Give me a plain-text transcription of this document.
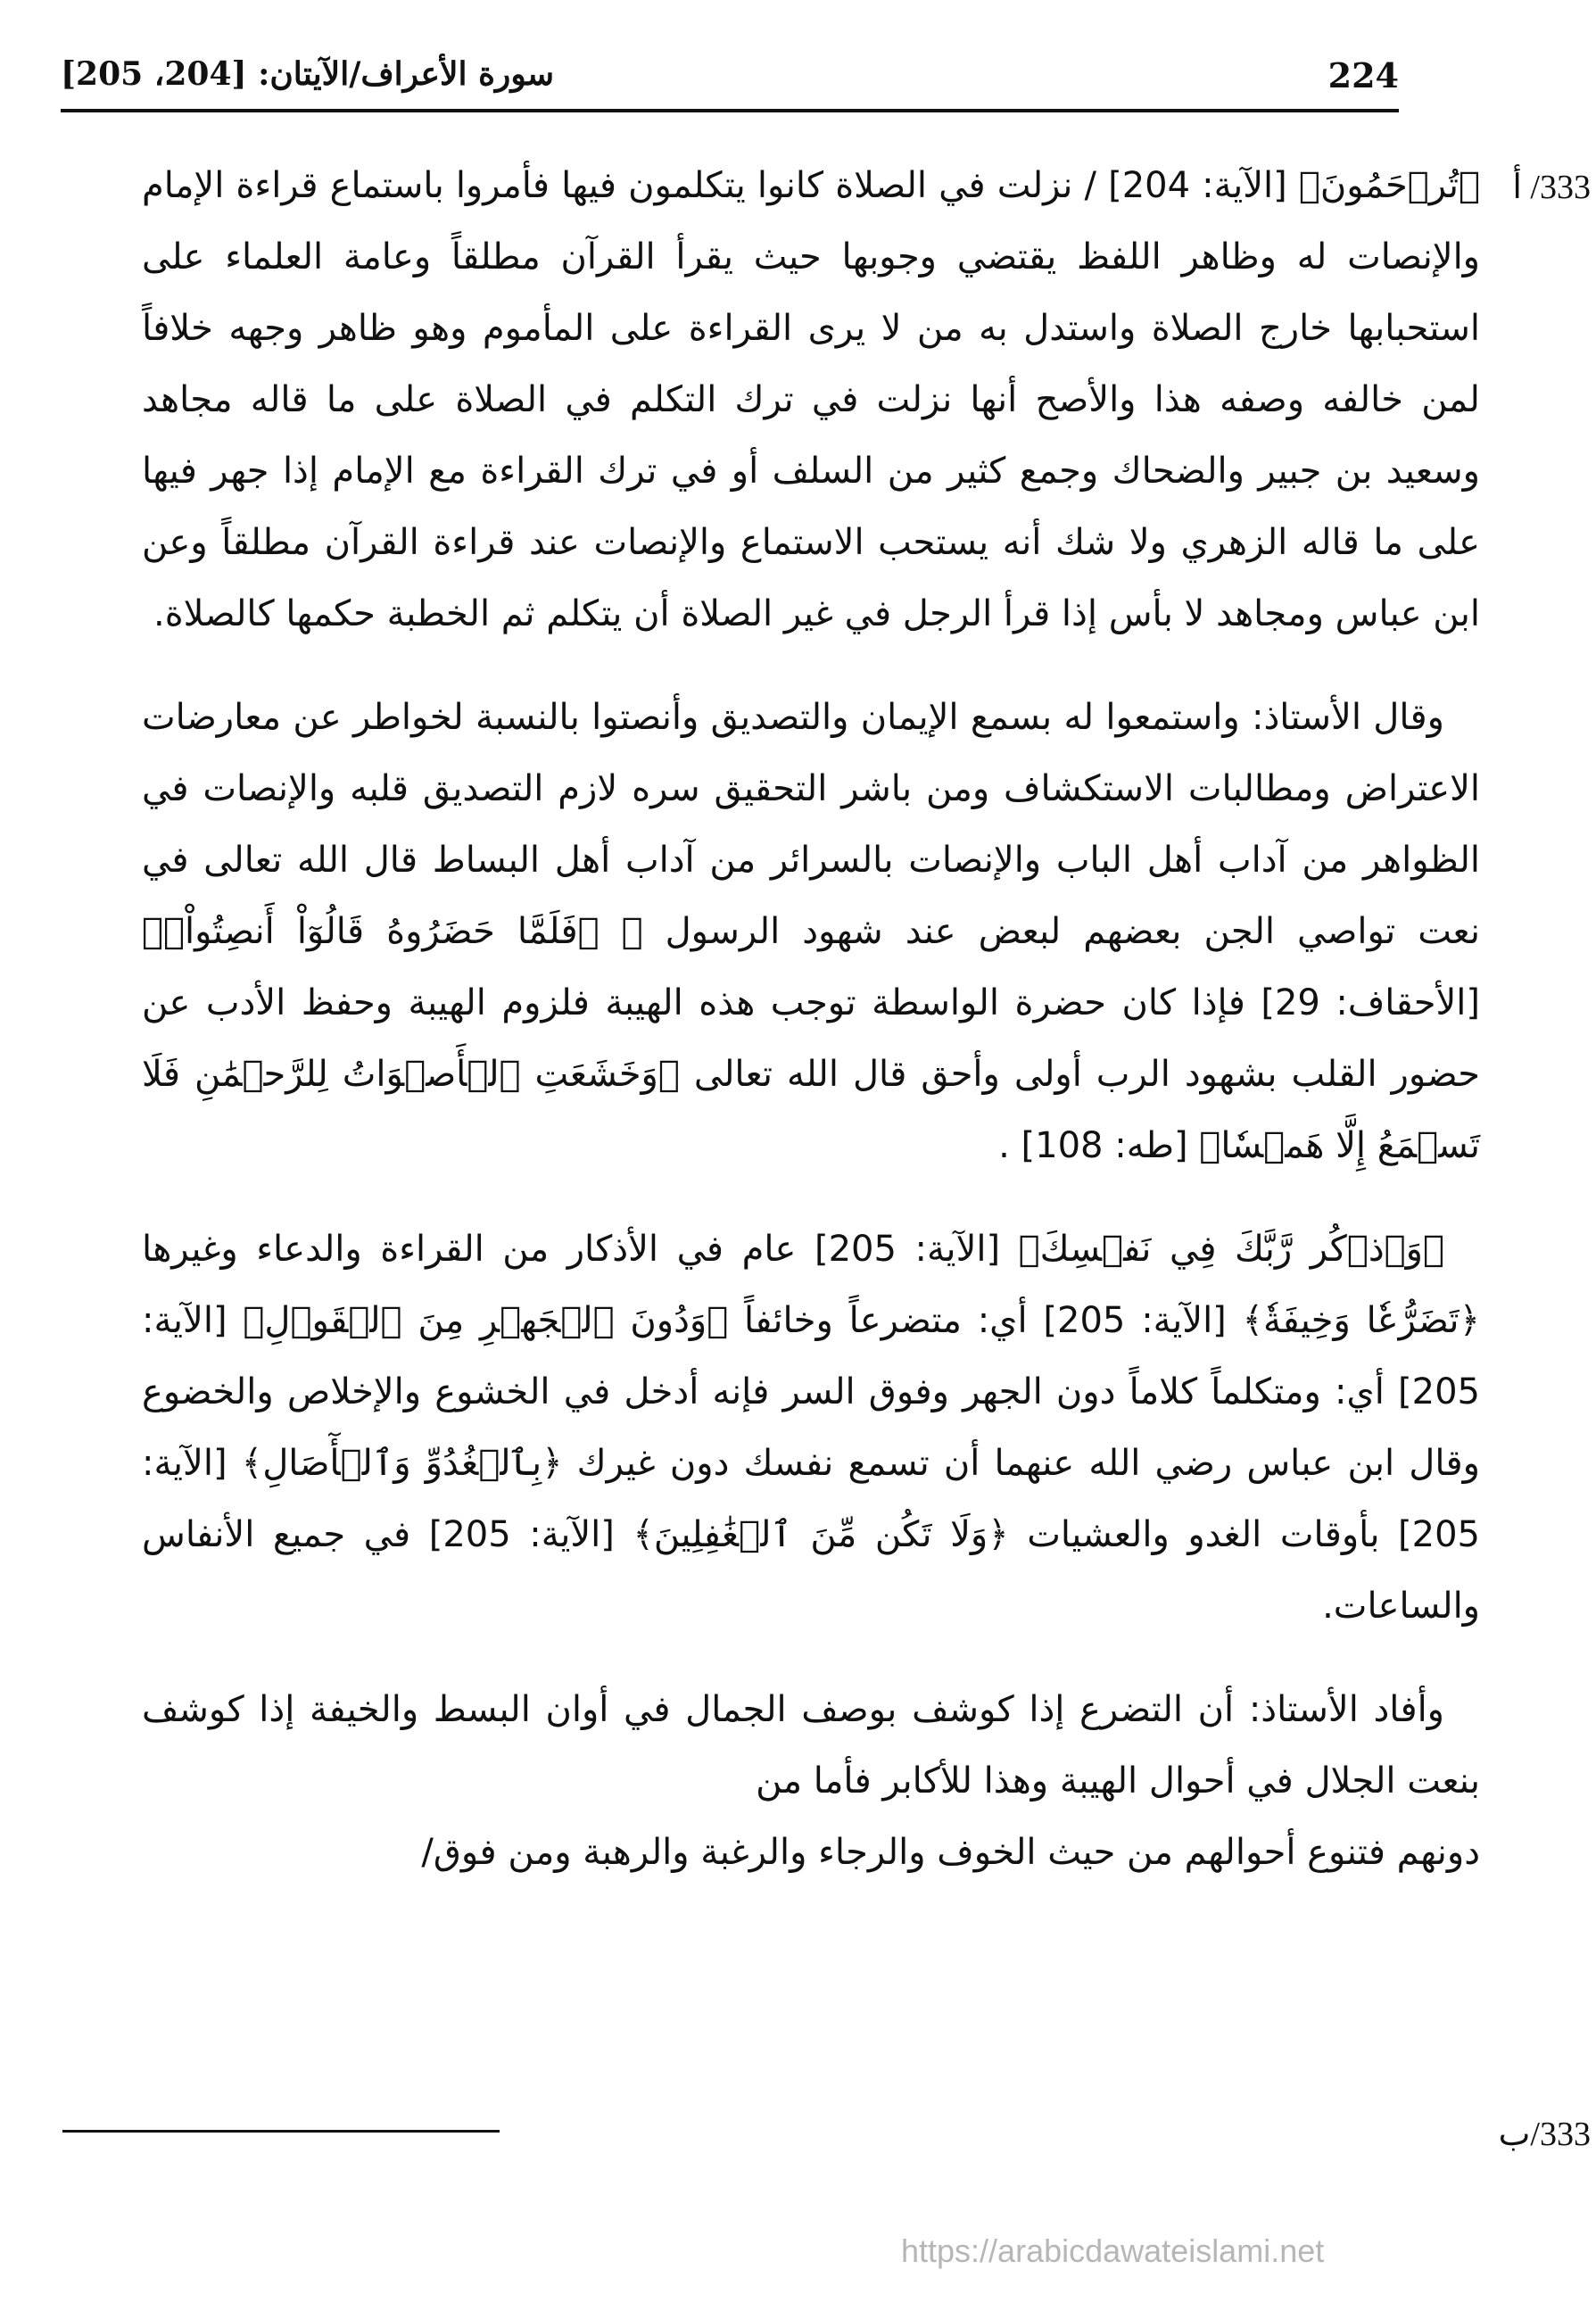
224
سورة الأعراف/الآيتان: [204، 205]
333/ أ

﴿تُرۡحَمُونَ﴾ [الآية: 204] / نزلت في الصلاة كانوا يتكلمون فيها فأمروا باستماع قراءة الإمام والإنصات له وظاهر اللفظ يقتضي وجوبها حيث يقرأ القرآن مطلقاً وعامة العلماء على استحبابها خارج الصلاة واستدل به من لا يرى القراءة على المأموم وهو ظاهر وجهه خلافاً لمن خالفه وصفه هذا والأصح أنها نزلت في ترك التكلم في الصلاة على ما قاله مجاهد وسعيد بن جبير والضحاك وجمع كثير من السلف أو في ترك القراءة مع الإمام إذا جهر فيها على ما قاله الزهري ولا شك أنه يستحب الاستماع والإنصات عند قراءة القرآن مطلقاً وعن ابن عباس ومجاهد لا بأس إذا قرأ الرجل في غير الصلاة أن يتكلم ثم الخطبة حكمها كالصلاة.

وقال الأستاذ: واستمعوا له بسمع الإيمان والتصديق وأنصتوا بالنسبة لخواطر عن معارضات الاعتراض ومطالبات الاستكشاف ومن باشر التحقيق سره لازم التصديق قلبه والإنصات في الظواهر من آداب أهل الباب والإنصات بالسرائر من آداب أهل البساط قال الله تعالى في نعت تواصي الجن بعضهم لبعض عند شهود الرسول ﷺ ﴿فَلَمَّا حَضَرُوهُ قَالُوٓاْ أَنصِتُواْۖ﴾ [الأحقاف: 29] فإذا كان حضرة الواسطة توجب هذه الهيبة فلزوم الهيبة وحفظ الأدب عن حضور القلب بشهود الرب أولى وأحق قال الله تعالى ﴿وَخَشَعَتِ ٱلۡأَصۡوَاتُ لِلرَّحۡمَٰنِ فَلَا تَسۡمَعُ إِلَّا هَمۡسٗا﴾ [طه: 108] .

﴿وَٱذۡكُر رَّبَّكَ فِي نَفۡسِكَ﴾ [الآية: 205] عام في الأذكار من القراءة والدعاء وغيرها ﴿تَضَرُّعٗا وَخِيفَةٗ﴾ [الآية: 205] أي: متضرعاً وخائفاً ﴿وَدُونَ ٱلۡجَهۡرِ مِنَ ٱلۡقَوۡلِ﴾ [الآية: 205] أي: ومتكلماً كلاماً دون الجهر وفوق السر فإنه أدخل في الخشوع والإخلاص والخضوع وقال ابن عباس رضي الله عنهما أن تسمع نفسك دون غيرك ﴿بِٱلۡغُدُوِّ وَٱلۡأٓصَالِ﴾ [الآية: 205] بأوقات الغدو والعشيات ﴿وَلَا تَكُن مِّنَ ٱلۡغَٰفِلِينَ﴾ [الآية: 205] في جميع الأنفاس والساعات.

وأفاد الأستاذ: أن التضرع إذا كوشف بوصف الجمال في أوان البسط والخيفة إذا كوشف بنعت الجلال في أحوال الهيبة وهذا للأكابر فأما من

دونهم فتنوع أحوالهم من حيث الخوف والرجاء والرغبة والرهبة ومن فوق/

333/ب
https://arabicdawateislami.net
